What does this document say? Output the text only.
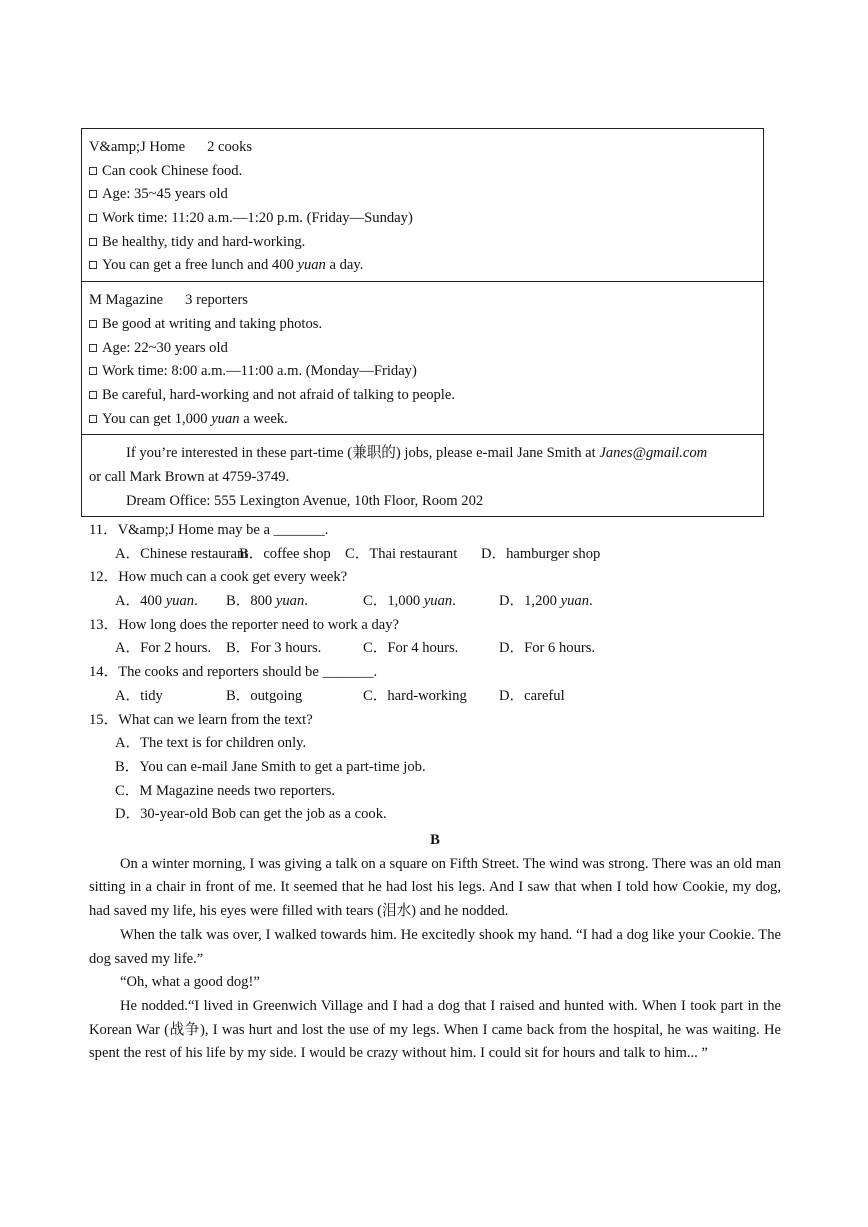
V&amp;J Home 2 cooks
Can cook Chinese food.
Age: 35~45 years old
Work time: 11:20 a.m.—1:20 p.m. (Friday—Sunday)
Be healthy, tidy and hard-working.
You can get a free lunch and 400 yuan a day.
M Magazine 3 reporters
Be good at writing and taking photos.
Age: 22~30 years old
Work time: 8:00 a.m.—11:00 a.m. (Monday—Friday)
Be careful, hard-working and not afraid of talking to people.
You can get 1,000 yuan a week.
If you’re interested in these part-time (兼职的) jobs, please e-mail Jane Smith at Janes@gmail.com
or call Mark Brown at 4759-3749.
Dream Office: 555 Lexington Avenue, 10th Floor, Room 202
11．V&amp;J Home may be a _______.
A．Chinese restaurant
B．coffee shop C．Thai restaurant	D．hamburger shop
12．How much can a cook get every week?
A．400 yuan.	B．800 yuan.	C．1,000 yuan.	D．1,200 yuan.
13．How long does the reporter need to work a day?
A．For 2 hours.	B．For 3 hours.	C．For 4 hours.	D．For 6 hours.
14．The cooks and reporters should be _______.
A．tidy	B．outgoing	C．hard-working	D．careful
15．What can we learn from the text?
A．The text is for children only.
B．You can e-mail Jane Smith to get a part-time job.
C．M Magazine needs two reporters.
D．30-year-old Bob can get the job as a cook.
B

On a winter morning, I was giving a talk on a square on Fifth Street. The wind was strong. There was an old man sitting in a chair in front of me. It seemed that he had lost his legs. And I saw that when I told how Cookie, my dog, had saved my life, his eyes were filled with tears (泪水) and he nodded.

When the talk was over, I walked towards him. He excitedly shook my hand. “I had a dog like your Cookie. The dog saved my life.”

“Oh, what a good dog!”

He nodded.“I lived in Greenwich Village and I had a dog that I raised and hunted with. When I took part in the Korean War (战争), I was hurt and lost the use of my legs. When I came back from the hospital, he was waiting. He spent the rest of his life by my side. I would be crazy without him. I could sit for hours and talk to him... ”
